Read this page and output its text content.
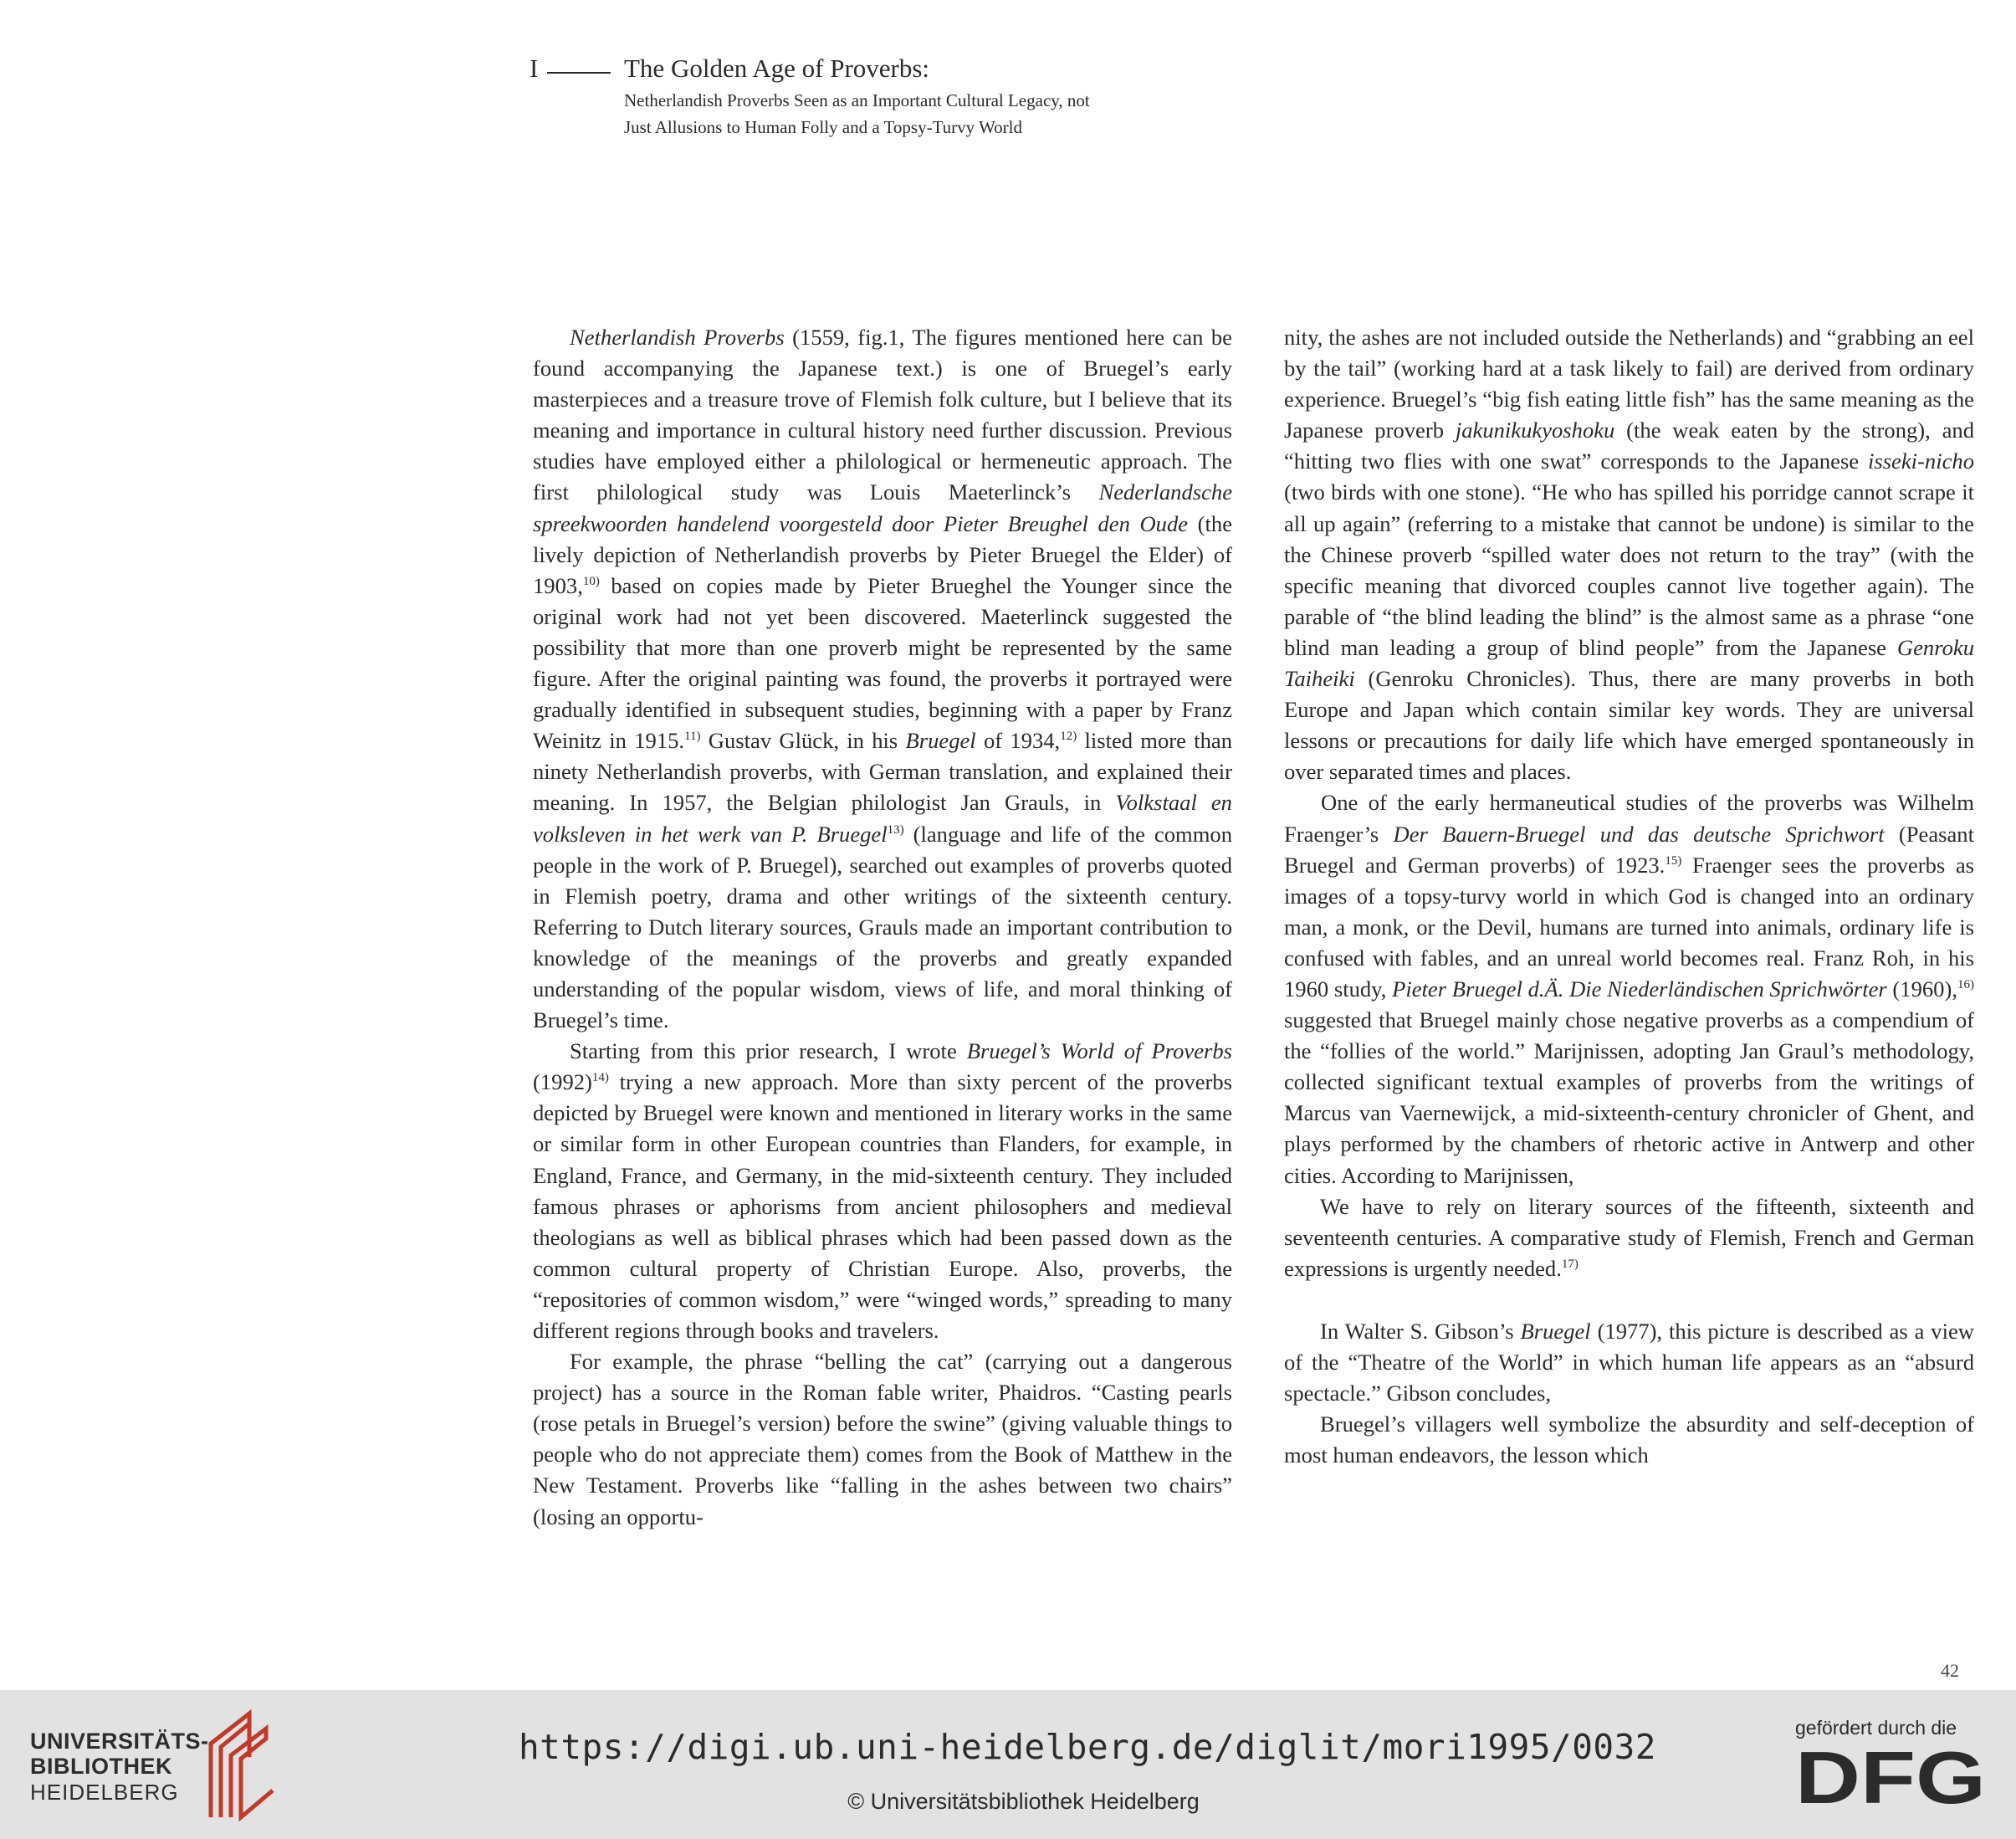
I	The Golden Age of Proverbs:
Netherlandish Proverbs Seen as an Important Cultural Legacy, not
Just Allusions to Human Folly and a Topsy-Turvy World

Netherlandish Proverbs (1559, fig.1, The figures mentioned here can be found accompanying the Japanese text.) is one of Bruegel’s early masterpieces and a treasure trove of Flemish folk culture, but I believe that its meaning and importance in cultural history need further discussion. Previous studies have employed either a philological or hermeneutic approach. The first philological study was Louis Maeterlinck’s Nederlandsche spreekwoorden handelend voorgesteld door Pieter Breughel den Oude (the lively depiction of Netherlandish proverbs by Pieter Bruegel the Elder) of 1903,$^{10)}$ based on copies made by Pieter Brueghel the Younger since the original work had not yet been discovered. Maeterlinck suggested the possibility that more than one proverb might be represented by the same figure. After the original painting was found, the proverbs it portrayed were gradually identified in subsequent studies, beginning with a paper by Franz Weinitz in 1915.$^{11)}$ Gustav Glück, in his Bruegel of 1934,$^{12)}$ listed more than ninety Netherlandish proverbs, with German translation, and explained their meaning. In 1957, the Belgian philologist Jan Grauls, in Volkstaal en volksleven in het werk van P. Bruegel$^{13)}$ (language and life of the common people in the work of P. Bruegel), searched out examples of proverbs quoted in Flemish poetry, drama and other writings of the sixteenth century. Referring to Dutch literary sources, Grauls made an important contribution to knowledge of the meanings of the proverbs and greatly expanded understanding of the popular wisdom, views of life, and moral thinking of Bruegel’s time.

Starting from this prior research, I wrote Bruegel’s World of Proverbs $(1992)^{14)}$ trying a new approach. More than sixty percent of the proverbs depicted by Bruegel were known and mentioned in literary works in the same or similar form in other European countries than Flanders, for example, in England, France, and Germany, in the mid-sixteenth century. They included famous phrases or aphorisms from ancient philosophers and medieval theologians as well as biblical phrases which had been passed down as the common cultural property of Christian Europe. Also, proverbs, the “repositories of common wisdom,” were “winged words,” spreading to many different regions through books and travelers.

For example, the phrase “belling the cat” (carrying out a dangerous project) has a source in the Roman fable writer, Phaidros. “Casting pearls (rose petals in Bruegel’s version) before the swine” (giving valuable things to people who do not appreciate them) comes from the Book of Matthew in the New Testament. Proverbs like “falling in the ashes between two chairs” (losing an opportu-

nity, the ashes are not included outside the Netherlands) and “grabbing an eel by the tail” (working hard at a task likely to fail) are derived from ordinary experience. Bruegel’s “big fish eating little fish” has the same meaning as the Japanese proverb jakunikukyoshoku (the weak eaten by the strong), and “hitting two flies with one swat” corresponds to the Japanese isseki-nicho (two birds with one stone). “He who has spilled his porridge cannot scrape it all up again” (referring to a mistake that cannot be undone) is similar to the the Chinese proverb “spilled water does not return to the tray” (with the specific meaning that divorced couples cannot live together again). The parable of “the blind leading the blind” is the almost same as a phrase “one blind man leading a group of blind people” from the Japanese Genroku Taiheiki (Genroku Chronicles). Thus, there are many proverbs in both Europe and Japan which contain similar key words. They are universal lessons or precautions for daily life which have emerged spontaneously in over separated times and places.

One of the early hermaneutical studies of the proverbs was Wilhelm Fraenger’s Der Bauern-Bruegel und das deutsche Sprichwort (Peasant Bruegel and German proverbs) of 1923.$^{15)}$ Fraenger sees the proverbs as images of a topsy-turvy world in which God is changed into an ordinary man, a monk, or the Devil, humans are turned into animals, ordinary life is confused with fables, and an unreal world becomes real. Franz Roh, in his 1960 study, Pieter Bruegel d.Ä. Die Niederländischen Sprichwörter (1960),$^{16)}$ suggested that Bruegel mainly chose negative proverbs as a compendium of the “follies of the world.” Marijnissen, adopting Jan Graul’s methodology, collected significant textual examples of proverbs from the writings of Marcus van Vaernewijck, a mid-sixteenth-century chronicler of Ghent, and plays performed by the chambers of rhetoric active in Antwerp and other cities. According to Marijnissen,

We have to rely on literary sources of the fifteenth, sixteenth and seventeenth centuries. A comparative study of Flemish, French and German expressions is urgently needed.$^{17)}$

In Walter S. Gibson’s Bruegel (1977), this picture is described as a view of the “Theatre of the World” in which human life appears as an “absurd spectacle.” Gibson concludes,

Bruegel’s villagers well symbolize the absurdity and self-deception of most human endeavors, the lesson which

42
UNIVERSITÄTS-
BIBLIOTHEK
HEIDELBERG
https://digi.ub.uni-heidelberg.de/diglit/mori1995/0032
© Universitätsbibliothek Heidelberg
gefördert durch die
DFG
